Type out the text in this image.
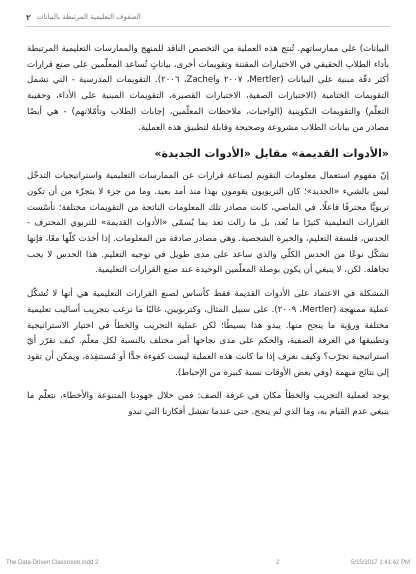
٢ الصفوف التعليمية المرتبطة بالبيانات

البيانات) على ممارساتهم. تُنتج هذه العملية من التخصص الناقد للمنهج والممارسات التعليمية المرتبطة بأداء الطلاب الحقيقي في الاختبارات المقننة وتقويمات أخرى، بياناتٍ تُساعد المعلّمين على صنع قرارات أكثر دقّة مبنية على البيانات (Mertler، ٢٠٠٧ وZachel، ٢٠٠٦). التقويمات المدرسية - التي تشمل التقويمات الختامية (الاختبارات الصفية، الاختبارات القصيرة، التقويمات المبنية على الأداء، وحقيبة التعلّم) والتقويمات التكوينية (الواجبات، ملاحظات المعلّمين، إجابات الطلاب وتأمّلاتهم) - هي أيضًا مصادر من بيانات الطلاب مشروعة وصحيحة وقابلة لتطبيق هذه العملية.

«الأدوات القديمة» مقابل «الأدوات الجديدة»

إنّ مفهوم استعمال معلومات التقويم لصناعة قرارات عن الممارسات التعليمية واستراتيجيات التدخّل ليس بالشيء «الجديد»؛ كان التربويون يقومون بهذا منذ أمد بعيد. وما من جزء لا يتجزّء من أن تكون تربويًّا محترفًا فاعلًا. في الماضي، كانت مصادر تلك المعلومات الناتجة من التقويمات مختلفة؛ تأسّست القرارات التعليمية كثيرًا ما تُعد، بل ما زالت تعد بما يُسمّى «الأدوات القديمة» للتربوي المحترف - الحدس، فلسفة التعليم، والخبرة الشخصية. وهي مصادر صادقة من المعلومات. إذا أخذت كلّها معًا، فإنها تشكّل نوعًا من الحدس الكلّي والذي ساعد على مدى طويل في توجيه التعليم. هذا الحدس لا يجب تجاهله. لكن، لا ينبغي أن يكون بوصلة المعلّمين الوحيدة عند صنع القرارات التعليمية.

المشكلة في الاعتماد على الأدوات القديمة فقط كأساس لصنع القرارات التعليمية هي أنها لا تُشكّل عملية ممنهجة (Mertler، ٢٠٠٩). على سبيل المثال، وكتربويين، غالبًا ما نرغب بتجريب أساليب تعليمية مختلفة ورؤية ما ينجح منها. يبدو هذا بسيطًا؛ لكن عملية التجريب والخطأ في اختيار الاستراتيجية وتطبيقها في الغرفة الصفية، والحكم على مدى نجاحها أمر مختلف بالنسبة لكل معلّم. كيف نقرّر أيّ استراتيجية نجرّب؟ وكيف نعرف إذا ما كانت هذه العملية ليست كفوءة جدًّا أو مُستنفِذة، ويمكن أن تقود إلى نتائج مبهمة (وفي بعض الأوقات نسبة كبيرة من الإحباط).

يوجد لعملية التجريب والخطأ مكان في غرفة الصف: فمن خلال جهودنا المتنوعة والأخطاء، نتعلّم ما ينبغي عدم القيام به، وما الذي لم ينجح. حتى عندما تفشل أفكارنا التي تبدو

The Data-Driven Classroom.indd 2	2	5/15/2017 1:41:42 PM
